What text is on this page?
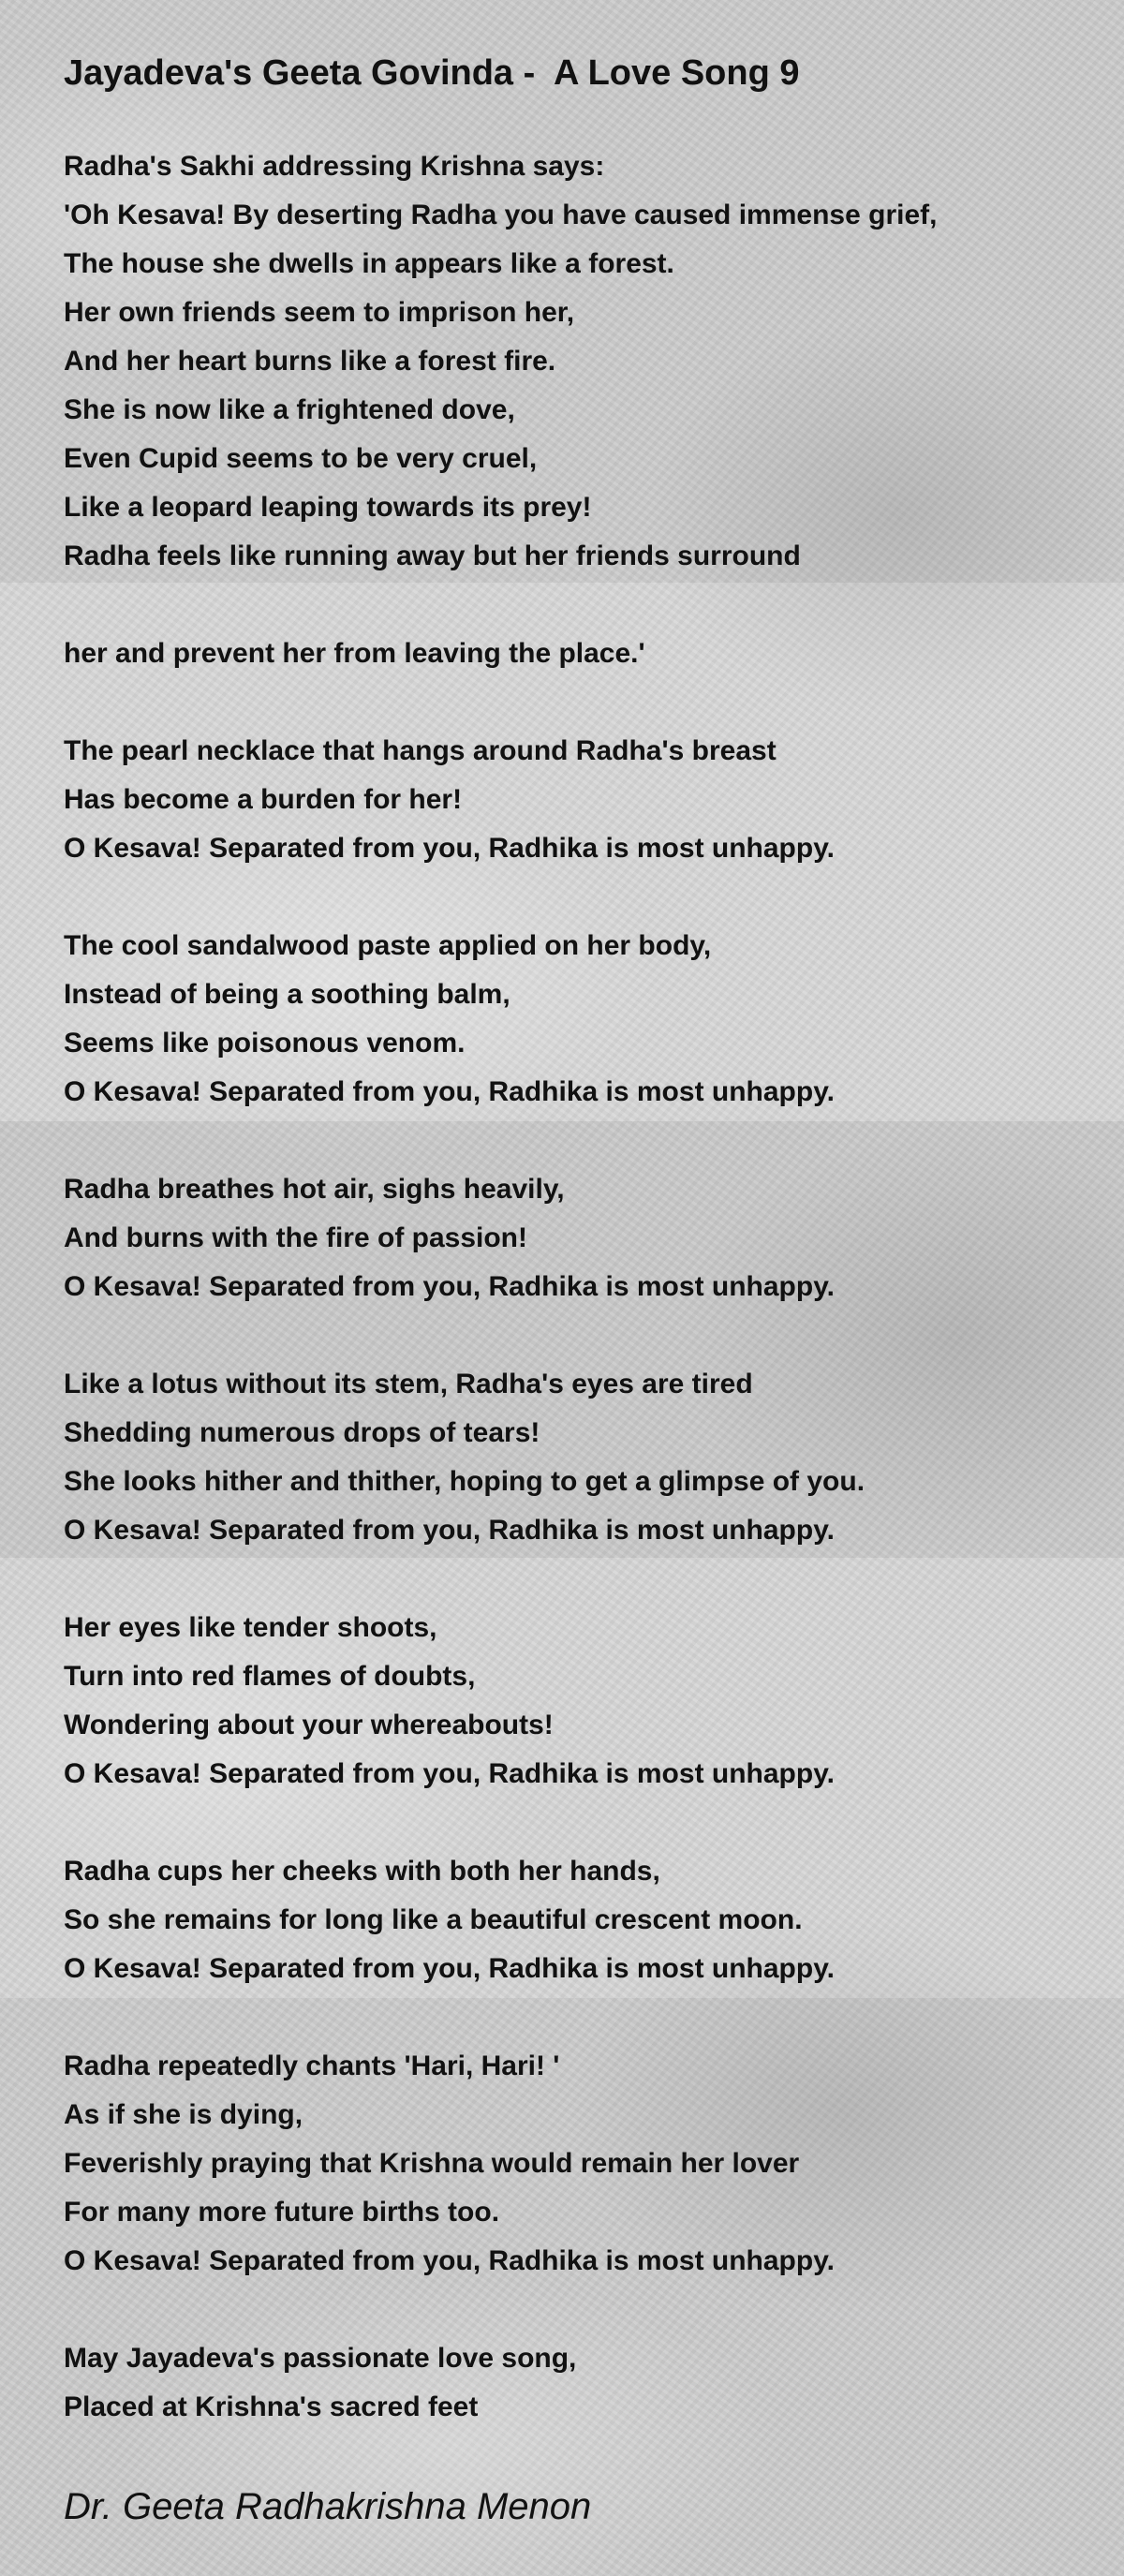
Jayadeva's Geeta Govinda -  A Love Song 9
Radha's Sakhi addressing Krishna says:
'Oh Kesava! By deserting Radha you have caused immense grief,
The house she dwells in appears like a forest.
Her own friends seem to imprison her,
And her heart burns like a forest fire.
She is now like a frightened dove,
Even Cupid seems to be very cruel,
Like a leopard leaping towards its prey!
Radha feels like running away but her friends surround
her and prevent her from leaving the place.'
The pearl necklace that hangs around Radha's breast
Has become a burden for her!
O Kesava! Separated from you, Radhika is most unhappy.
The cool sandalwood paste applied on her body,
Instead of being a soothing balm,
Seems like poisonous venom.
O Kesava! Separated from you, Radhika is most unhappy.
Radha breathes hot air, sighs heavily,
And burns with the fire of passion!
O Kesava! Separated from you, Radhika is most unhappy.
Like a lotus without its stem, Radha's eyes are tired
Shedding numerous drops of tears!
She looks hither and thither, hoping to get a glimpse of you.
O Kesava! Separated from you, Radhika is most unhappy.
Her eyes like tender shoots,
Turn into red flames of doubts,
Wondering about your whereabouts!
O Kesava! Separated from you, Radhika is most unhappy.
Radha cups her cheeks with both her hands,
So she remains for long like a beautiful crescent moon.
O Kesava! Separated from you, Radhika is most unhappy.
Radha repeatedly chants 'Hari, Hari! '
As if she is dying,
Feverishly praying that Krishna would remain her lover
For many more future births too.
O Kesava! Separated from you, Radhika is most unhappy.
May Jayadeva's passionate love song,
Placed at Krishna's sacred feet
Dr. Geeta Radhakrishna Menon
